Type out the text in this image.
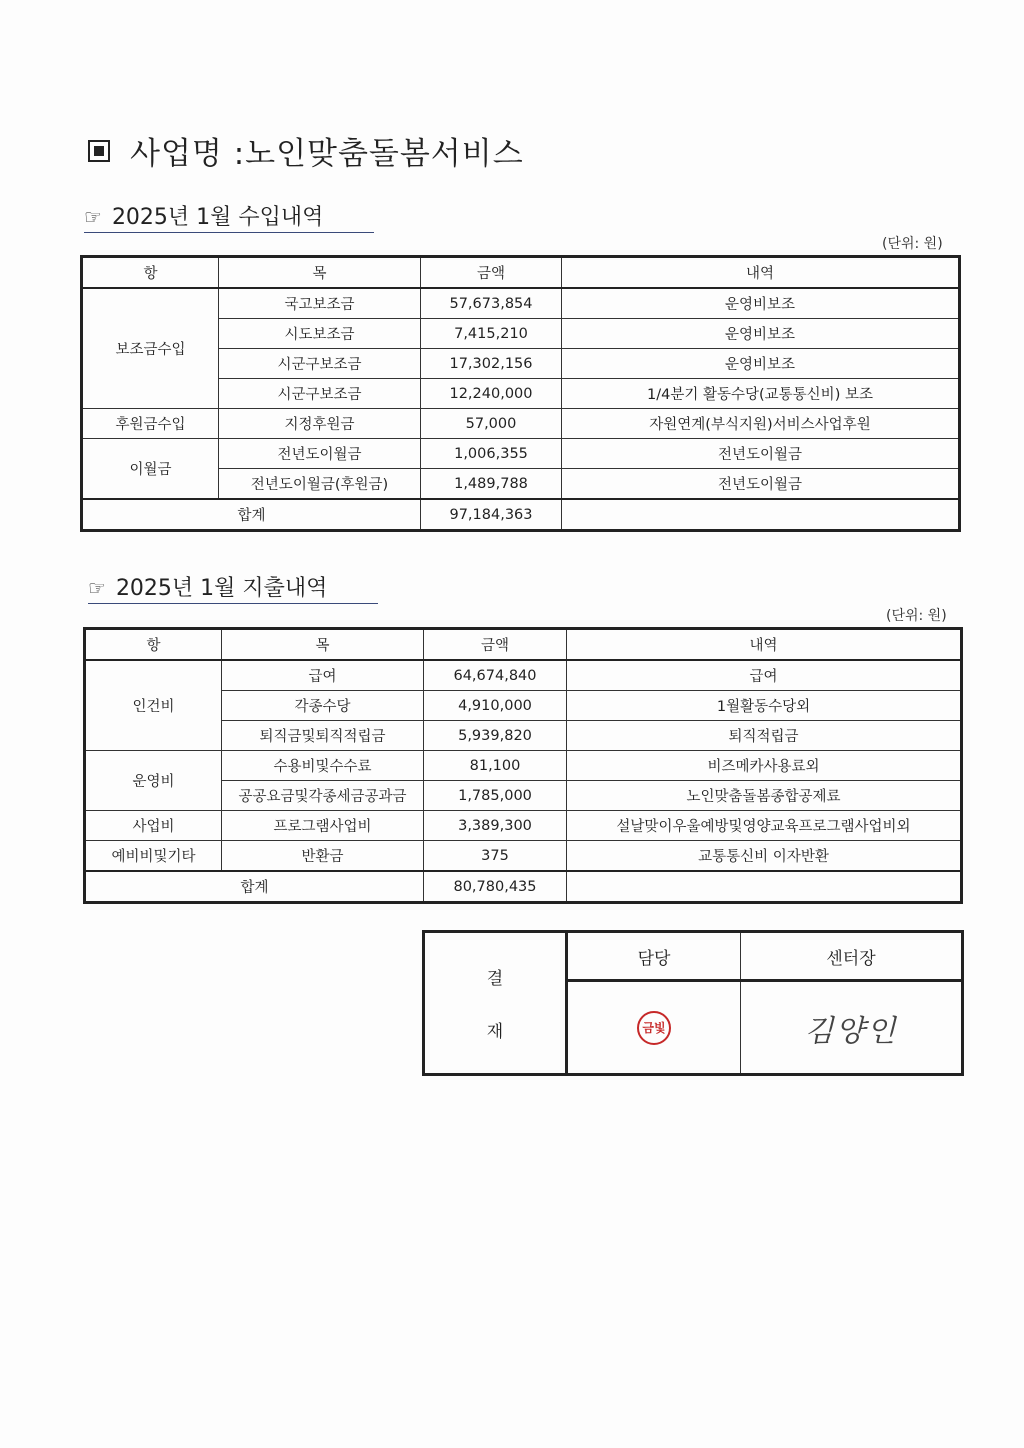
사업명 :노인맞춤돌봄서비스
☞ 2025년 1월 수입내역
(단위: 원)
항	목	금액	내역
보조금수입	국고보조금	57,673,854	운영비보조
	시도보조금	7,415,210	운영비보조
	시군구보조금	17,302,156	운영비보조
	시군구보조금	12,240,000	1/4분기 활동수당(교통통신비) 보조
후원금수입	지정후원금	57,000	자원연계(부식지원)서비스사업후원
이월금	전년도이월금	1,006,355	전년도이월금
	전년도이월금(후원금)	1,489,788	전년도이월금
합계		97,184,363	
☞ 2025년 1월 지출내역
(단위: 원)
항	목	금액	내역
인건비	급여	64,674,840	급여
	각종수당	4,910,000	1월활동수당외
	퇴직금및퇴직적립금	5,939,820	퇴직적립금
운영비	수용비및수수료	81,100	비즈메카사용료외
	공공요금및각종세금공과금	1,785,000	노인맞춤돌봄종합공제료
사업비	프로그램사업비	3,389,300	설날맞이우울예방및영양교육프로그램사업비외
예비비및기타	반환금	375	교통통신비 이자반환
합계		80,780,435	
결
재	담당	센터장
	금빛	김양인
